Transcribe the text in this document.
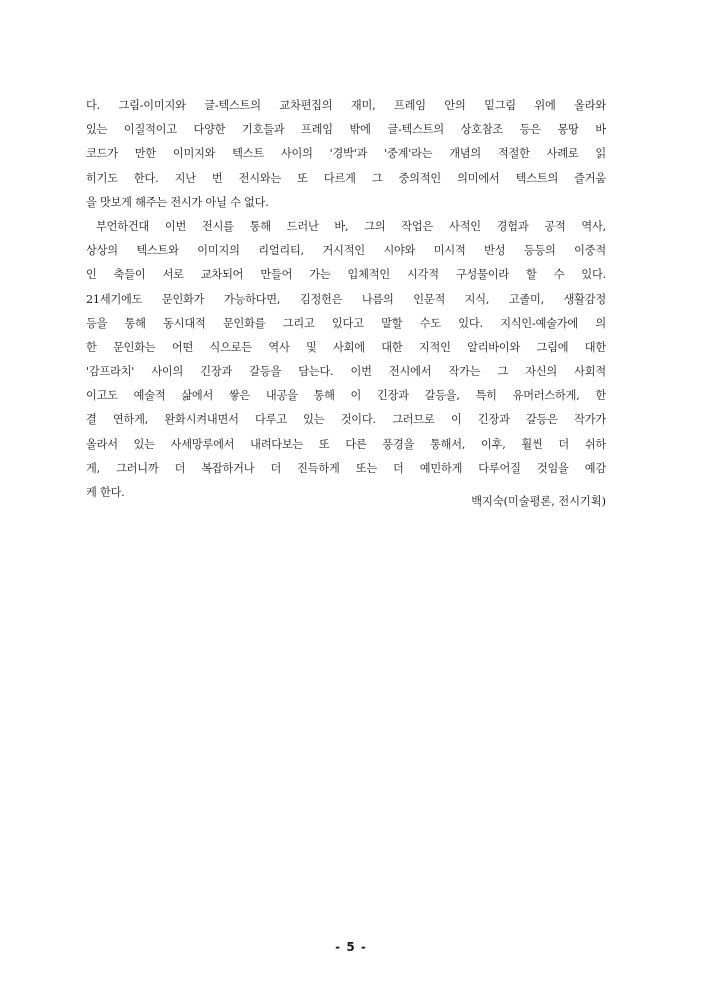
다. 그림-이미지와 글-텍스트의 교차편집의 재미, 프레임 안의 밑그림 위에 올라와
있는 이질적이고 다양한 기호들과 프레임 밖에 글-텍스트의 상호참조 등은 몽땅 바
코드가 만한 이미지와 텍스트 사이의 '경박'과 '중계'라는 개념의 적절한 사례로 읽
히기도 한다. 지난 번 전시와는 또 다르게 그 중의적인 의미에서 텍스트의 즐거움
을 맛보게 해주는 전시가 아닐 수 없다.
부언하건대 이번 전시를 통해 드러난 바, 그의 작업은 사적인 경험과 공적 역사,
상상의 텍스트와 이미지의 리얼리티, 거시적인 시야와 미시적 반성 등등의 이중적
인 축들이 서로 교차되어 만들어 가는 입체적인 시각적 구성물이라 할 수 있다.
21세기에도 문인화가 가능하다면, 김정헌은 나름의 인문적 지식, 고졸미, 생활감정
등을 통해 동시대적 문인화를 그리고 있다고 말할 수도 있다. 지식인-예술가에 의
한 문인화는 어떤 식으로든 역사 및 사회에 대한 지적인 알리바이와 그림에 대한
'감프라치' 사이의 긴장과 갈등을 담는다. 이번 전시에서 작가는 그 자신의 사회적
이고도 예술적 삶에서 쌓은 내공을 통해 이 긴장과 갈등을, 특히 유머러스하게, 한
결 연하게, 완화시켜내면서 다루고 있는 것이다. 그러므로 이 긴장과 갈등은 작가가
올라서 있는 사세망루에서 내려다보는 또 다른 풍경을 통해서, 이후, 훨씬 더 쉬하
게, 그러니까 더 복잡하거나 더 진득하게 또는 더 예민하게 다루어질 것임을 예감
케 한다.
백지숙(미술평론, 전시기획)
- 5 -
